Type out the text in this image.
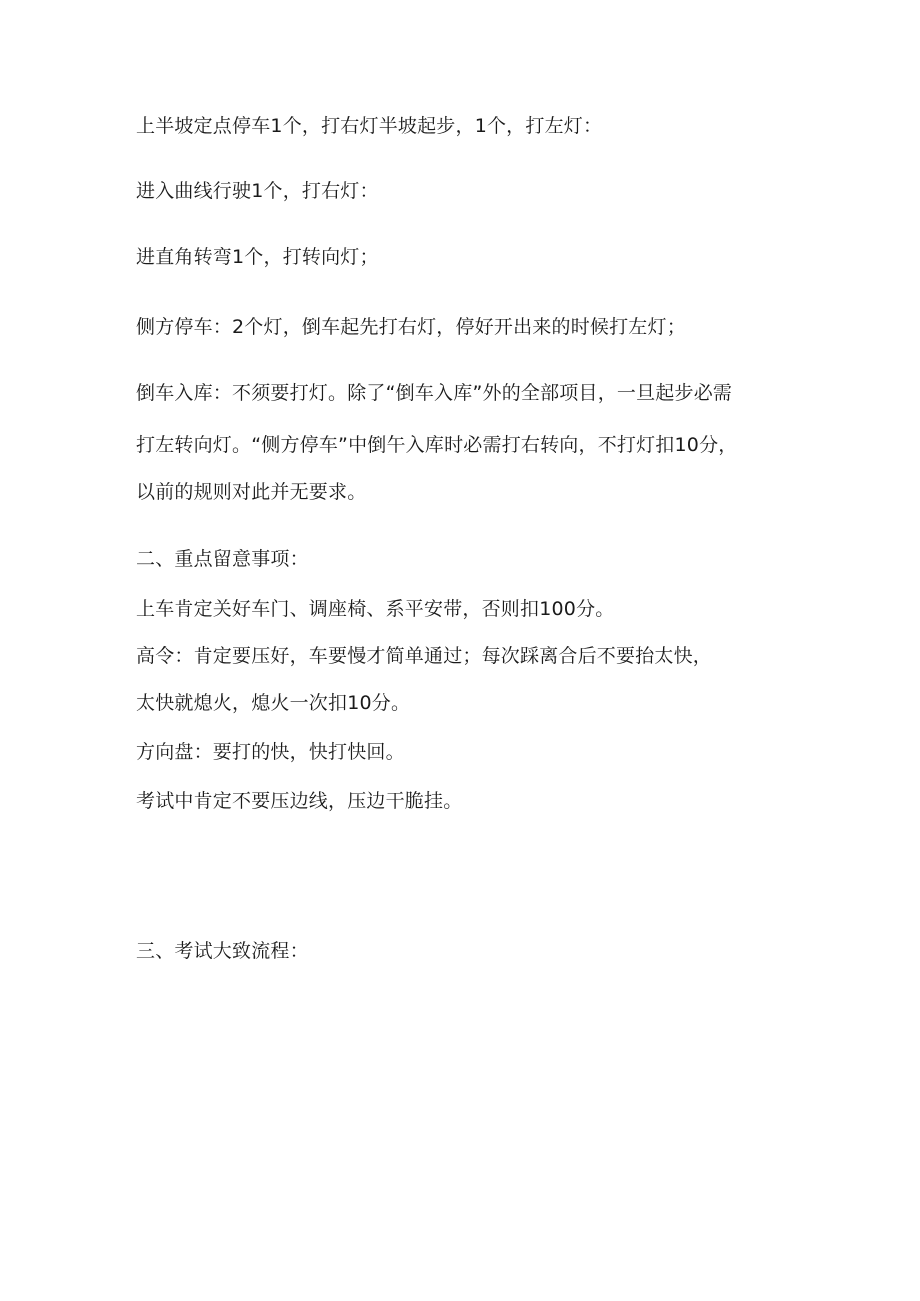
上半坡定点停车1个，打右灯半坡起步，1个，打左灯：

进入曲线行驶1个，打右灯：

进直角转弯1个，打转向灯；

侧方停车：2个灯，倒车起先打右灯，停好开出来的时候打左灯；

倒车入库：不须要打灯。除了“倒车入库”外的全部项目，一旦起步必需

打左转向灯。“侧方停车”中倒午入库时必需打右转向，不打灯扣10分，

以前的规则对此并无要求。

二、重点留意事项：

上车肯定关好车门、调座椅、系平安带，否则扣100分。

高令：肯定要压好，车要慢才简单通过；每次踩离合后不要抬太快，

太快就熄火，熄火一次扣10分。

方向盘：要打的快，快打快回。

考试中肯定不要压边线，压边干脆挂。

三、考试大致流程：
